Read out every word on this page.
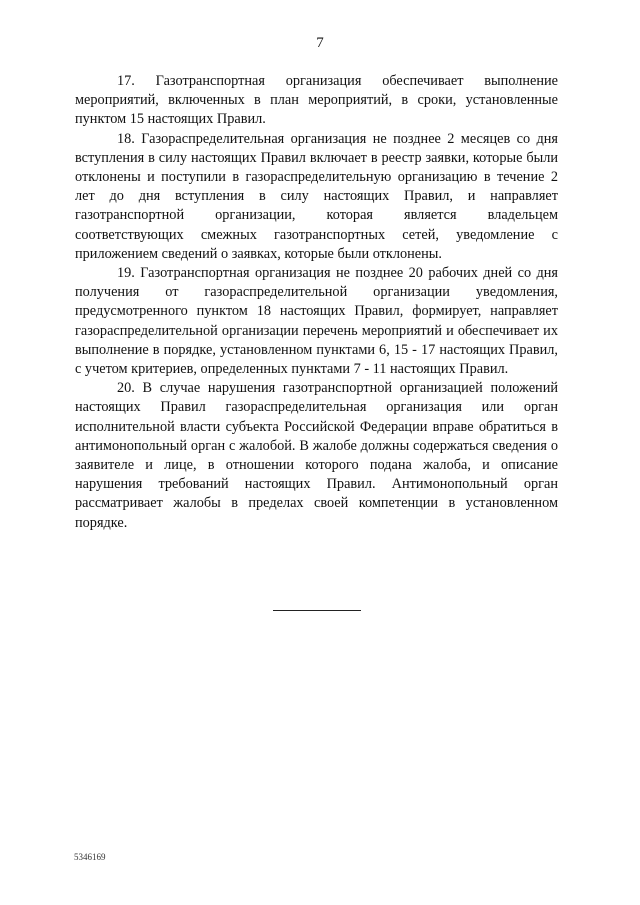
7

17. Газотранспортная организация обеспечивает выполнение мероприятий, включенных в план мероприятий, в сроки, установленные пунктом 15 настоящих Правил.

18. Газораспределительная организация не позднее 2 месяцев со дня вступления в силу настоящих Правил включает в реестр заявки, которые были отклонены и поступили в газораспределительную организацию в течение 2 лет до дня вступления в силу настоящих Правил, и направляет газотранспортной организации, которая является владельцем соответствующих смежных газотранспортных сетей, уведомление с приложением сведений о заявках, которые были отклонены.

19. Газотранспортная организация не позднее 20 рабочих дней со дня получения от газораспределительной организации уведомления, предусмотренного пунктом 18 настоящих Правил, формирует, направляет газораспределительной организации перечень мероприятий и обеспечивает их выполнение в порядке, установленном пунктами 6, 15 - 17 настоящих Правил, с учетом критериев, определенных пунктами 7 - 11 настоящих Правил.

20. В случае нарушения газотранспортной организацией положений настоящих Правил газораспределительная организация или орган исполнительной власти субъекта Российской Федерации вправе обратиться в антимонопольный орган с жалобой. В жалобе должны содержаться сведения о заявителе и лице, в отношении которого подана жалоба, и описание нарушения требований настоящих Правил. Антимонопольный орган рассматривает жалобы в пределах своей компетенции в установленном порядке.

5346169
